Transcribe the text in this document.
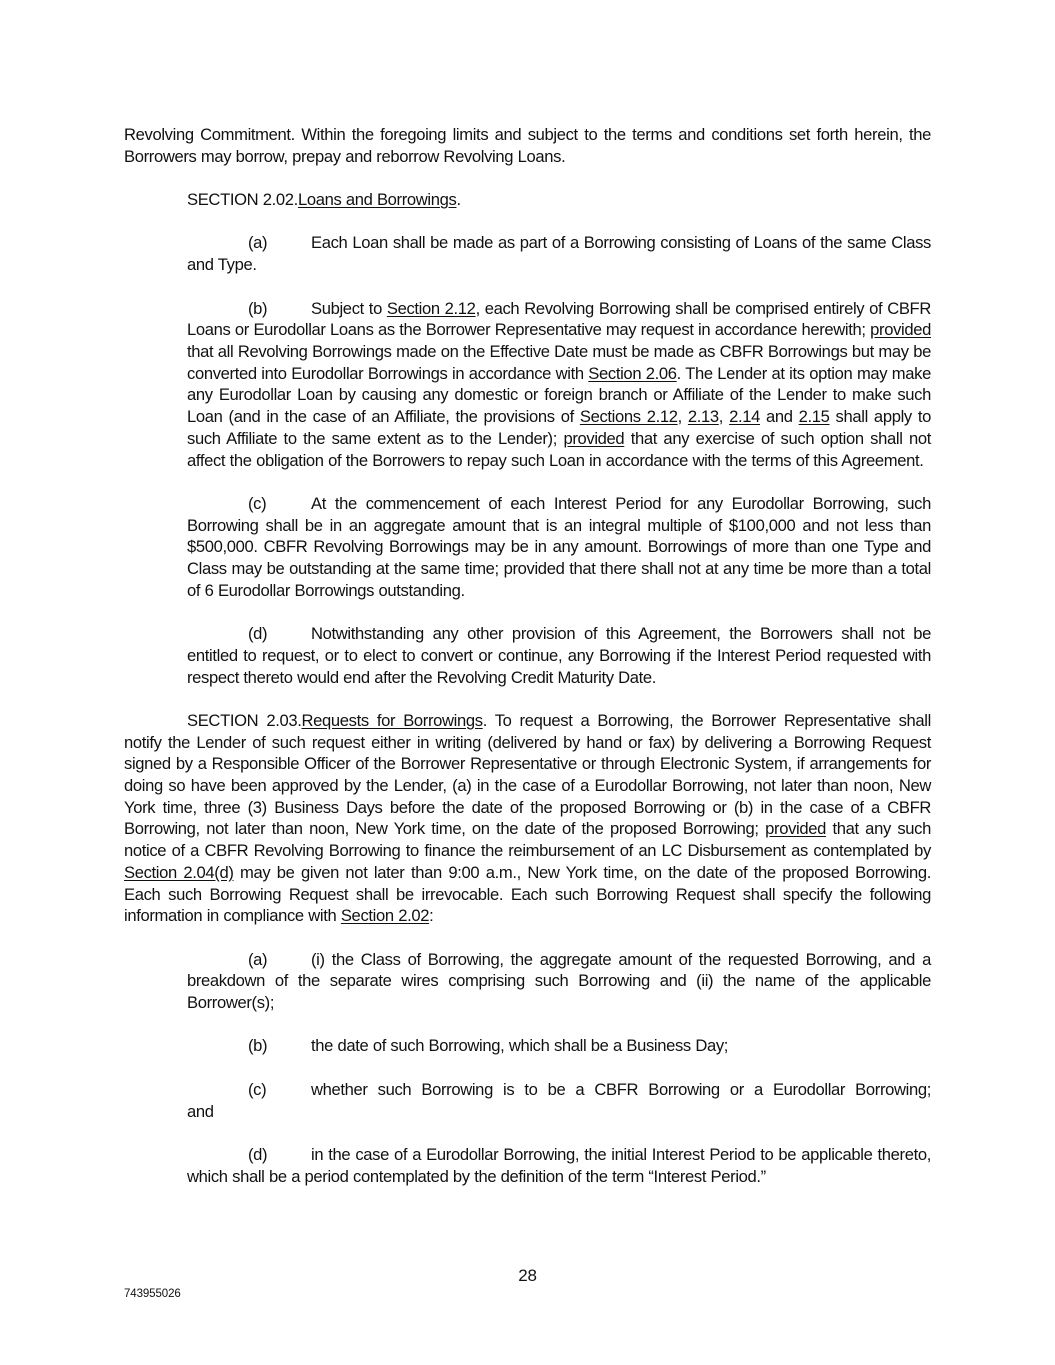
Revolving Commitment. Within the foregoing limits and subject to the terms and conditions set forth herein, the Borrowers may borrow, prepay and reborrow Revolving Loans.

SECTION 2.02.Loans and Borrowings.

(a)	Each Loan shall be made as part of a Borrowing consisting of Loans of the same Class and Type.

(b)	Subject to Section 2.12, each Revolving Borrowing shall be comprised entirely of CBFR Loans or Eurodollar Loans as the Borrower Representative may request in accordance herewith; provided that all Revolving Borrowings made on the Effective Date must be made as CBFR Borrowings but may be converted into Eurodollar Borrowings in accordance with Section 2.06. The Lender at its option may make any Eurodollar Loan by causing any domestic or foreign branch or Affiliate of the Lender to make such Loan (and in the case of an Affiliate, the provisions of Sections 2.12, 2.13, 2.14 and 2.15 shall apply to such Affiliate to the same extent as to the Lender); provided that any exercise of such option shall not affect the obligation of the Borrowers to repay such Loan in accordance with the terms of this Agreement.

(c)	At the commencement of each Interest Period for any Eurodollar Borrowing, such Borrowing shall be in an aggregate amount that is an integral multiple of $100,000 and not less than $500,000. CBFR Revolving Borrowings may be in any amount. Borrowings of more than one Type and Class may be outstanding at the same time; provided that there shall not at any time be more than a total of 6 Eurodollar Borrowings outstanding.

(d)	Notwithstanding any other provision of this Agreement, the Borrowers shall not be entitled to request, or to elect to convert or continue, any Borrowing if the Interest Period requested with respect thereto would end after the Revolving Credit Maturity Date.

SECTION 2.03.Requests for Borrowings. To request a Borrowing, the Borrower Representative shall notify the Lender of such request either in writing (delivered by hand or fax) by delivering a Borrowing Request signed by a Responsible Officer of the Borrower Representative or through Electronic System, if arrangements for doing so have been approved by the Lender, (a) in the case of a Eurodollar Borrowing, not later than noon, New York time, three (3) Business Days before the date of the proposed Borrowing or (b) in the case of a CBFR Borrowing, not later than noon, New York time, on the date of the proposed Borrowing; provided that any such notice of a CBFR Revolving Borrowing to finance the reimbursement of an LC Disbursement as contemplated by Section 2.04(d) may be given not later than 9:00 a.m., New York time, on the date of the proposed Borrowing. Each such Borrowing Request shall be irrevocable. Each such Borrowing Request shall specify the following information in compliance with Section 2.02:

(a)	(i) the Class of Borrowing, the aggregate amount of the requested Borrowing, and a breakdown of the separate wires comprising such Borrowing and (ii) the name of the applicable Borrower(s);

(b)	the date of such Borrowing, which shall be a Business Day;

(c)	whether such Borrowing is to be a CBFR Borrowing or a Eurodollar Borrowing;

and

(d)	in the case of a Eurodollar Borrowing, the initial Interest Period to be applicable thereto, which shall be a period contemplated by the definition of the term “Interest Period.”

28
743955026
